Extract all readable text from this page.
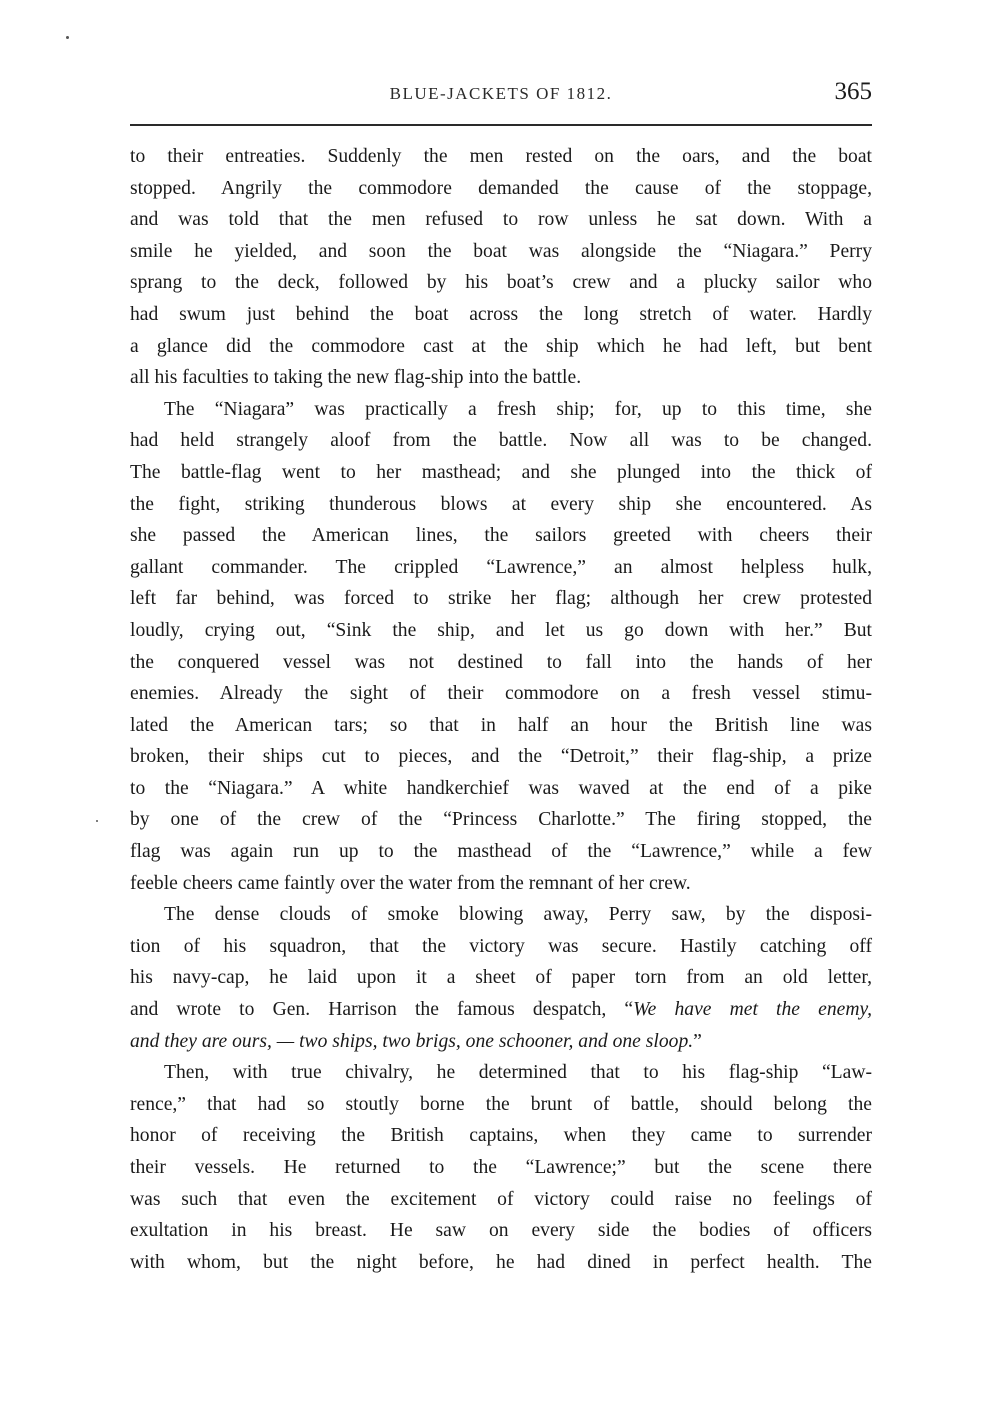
BLUE-JACKETS OF 1812.	365
to their entreaties. Suddenly the men rested on the oars, and the boat
stopped. Angrily the commodore demanded the cause of the stoppage,
and was told that the men refused to row unless he sat down. With a
smile he yielded, and soon the boat was alongside the “Niagara.” Perry
sprang to the deck, followed by his boat’s crew and a plucky sailor who
had swum just behind the boat across the long stretch of water. Hardly
a glance did the commodore cast at the ship which he had left, but bent
all his faculties to taking the new flag-ship into the battle.
The “Niagara” was practically a fresh ship; for, up to this time, she
had held strangely aloof from the battle. Now all was to be changed.
The battle-flag went to her masthead; and she plunged into the thick of
the fight, striking thunderous blows at every ship she encountered. As
she passed the American lines, the sailors greeted with cheers their
gallant commander. The crippled “Lawrence,” an almost helpless hulk,
left far behind, was forced to strike her flag; although her crew protested
loudly, crying out, “Sink the ship, and let us go down with her.” But
the conquered vessel was not destined to fall into the hands of her
enemies. Already the sight of their commodore on a fresh vessel stimu-
lated the American tars; so that in half an hour the British line was
broken, their ships cut to pieces, and the “Detroit,” their flag-ship, a prize
to the “Niagara.” A white handkerchief was waved at the end of a pike
by one of the crew of the “Princess Charlotte.” The firing stopped, the
flag was again run up to the masthead of the “Lawrence,” while a few
feeble cheers came faintly over the water from the remnant of her crew.
The dense clouds of smoke blowing away, Perry saw, by the disposi-
tion of his squadron, that the victory was secure. Hastily catching off
his navy-cap, he laid upon it a sheet of paper torn from an old letter,
and wrote to Gen. Harrison the famous despatch, “We have met the enemy,
and they are ours, — two ships, two brigs, one schooner, and one sloop.”
Then, with true chivalry, he determined that to his flag-ship “Law-
rence,” that had so stoutly borne the brunt of battle, should belong the
honor of receiving the British captains, when they came to surrender
their vessels. He returned to the “Lawrence;” but the scene there
was such that even the excitement of victory could raise no feelings of
exultation in his breast. He saw on every side the bodies of officers
with whom, but the night before, he had dined in perfect health. The
